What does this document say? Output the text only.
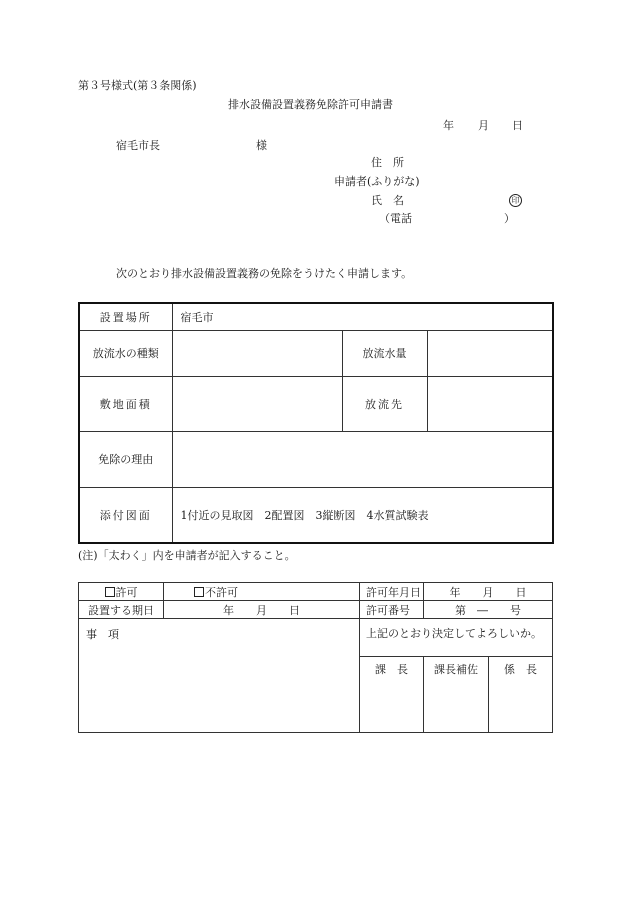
第３号様式(第３条関係)
排水設備設置義務免除許可申請書
年 月 日
宿毛市長	様
住　所
申請者(ふりがな)
氏　名	印
（電話	）
次のとおり排水設備設置義務の免除をうけたく申請します。
設置場所	宿毛市		
放流水の種類		放流水量	
敷地面積		放流先	
免除の理由			
添付図面	1付近の見取図　2配置図　3縦断図　4水質試験表		
(注)「太わく」内を申請者が記入すること。
許可	不許可	許可年月日	年　　月　　日		
設置する期日	年　　月　　日	許可番号	第　―　　号		
事　項		上記のとおり決定してよろしいか。			
		課　長	課長補佐	係　長	
